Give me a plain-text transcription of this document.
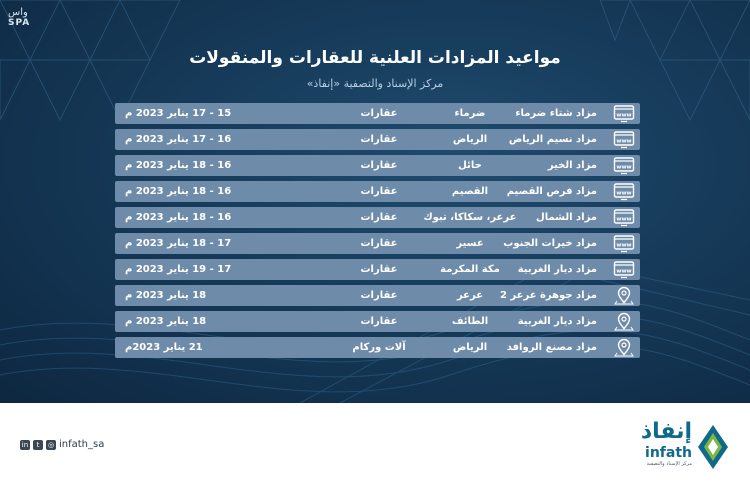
واس
SPA
مواعيد المزادات العلنية للعقارات والمنقولات
مركز الإسناد والتصفية «إنفاذ»
www
مزاد شتاء ضرماء
ضرماء
عقارات
15 - 17 يناير 2023 م
www
مزاد نسيم الرياض
الرياض
عقارات
16 - 17 يناير 2023 م
www
مزاد الخير
حائل
عقارات
16 - 18 يناير 2023 م
www
مزاد فرص القصيم
القصيم
عقارات
16 - 18 يناير 2023 م
www
مزاد الشمال
عرعر، سكاكا، تبوك
عقارات
16 - 18 يناير 2023 م
www
مزاد خيرات الجنوب
عسير
عقارات
17 - 18 يناير 2023 م
www
مزاد ديار الغربية
مكة المكرمة
عقارات
17 - 19 يناير 2023 م
مزاد جوهرة عرعر 2
عرعر
عقارات
18 يناير 2023 م
مزاد ديار الغربية
الطائف
عقارات
18 يناير 2023 م
مزاد مصنع الروافد
الرياض
آلات وركام
21 يناير 2023م
in	t	◎ infath_sa
إنفاذ
infath
مركز الإسناد والتصفية
